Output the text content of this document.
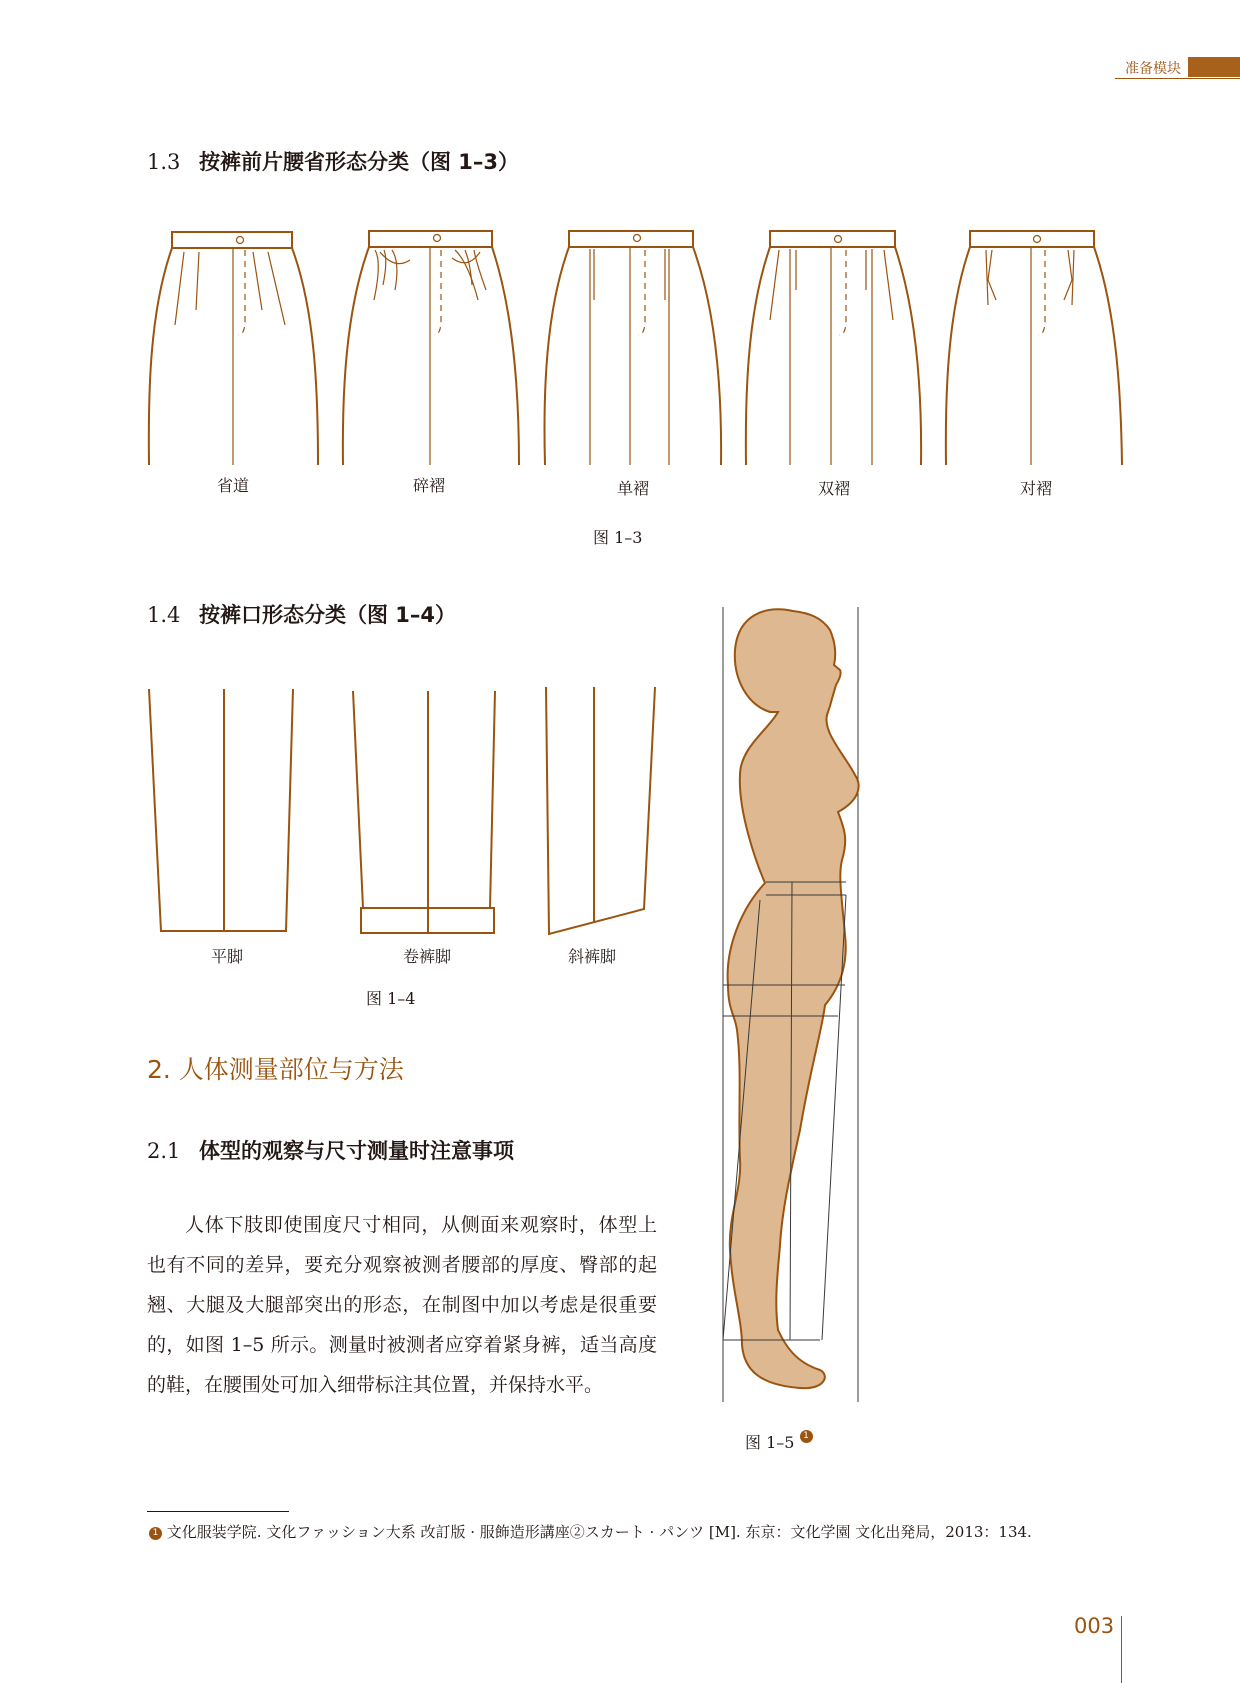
准备模块
1.3 按裤前片腰省形态分类（图 1–3）
省道	碎褶	单褶	双褶	对褶
图 1–3
1.4 按裤口形态分类（图 1–4）
平脚	卷裤脚	斜裤脚
图 1–4
图 1–5 1
2. 人体测量部位与方法
2.1 体型的观察与尺寸测量时注意事项

人体下肢即使围度尺寸相同，从侧面来观察时，体型上也有不同的差异，要充分观察被测者腰部的厚度、臀部的起翘、大腿及大腿部突出的形态，在制图中加以考虑是很重要的，如图 1–5 所示。测量时被测者应穿着紧身裤，适当高度的鞋，在腰围处可加入细带标注其位置，并保持水平。

1 文化服装学院. 文化ファッション大系 改訂版 · 服飾造形講座②スカート · パンツ [M]. 东京：文化学園 文化出発局，2013：134.
003
